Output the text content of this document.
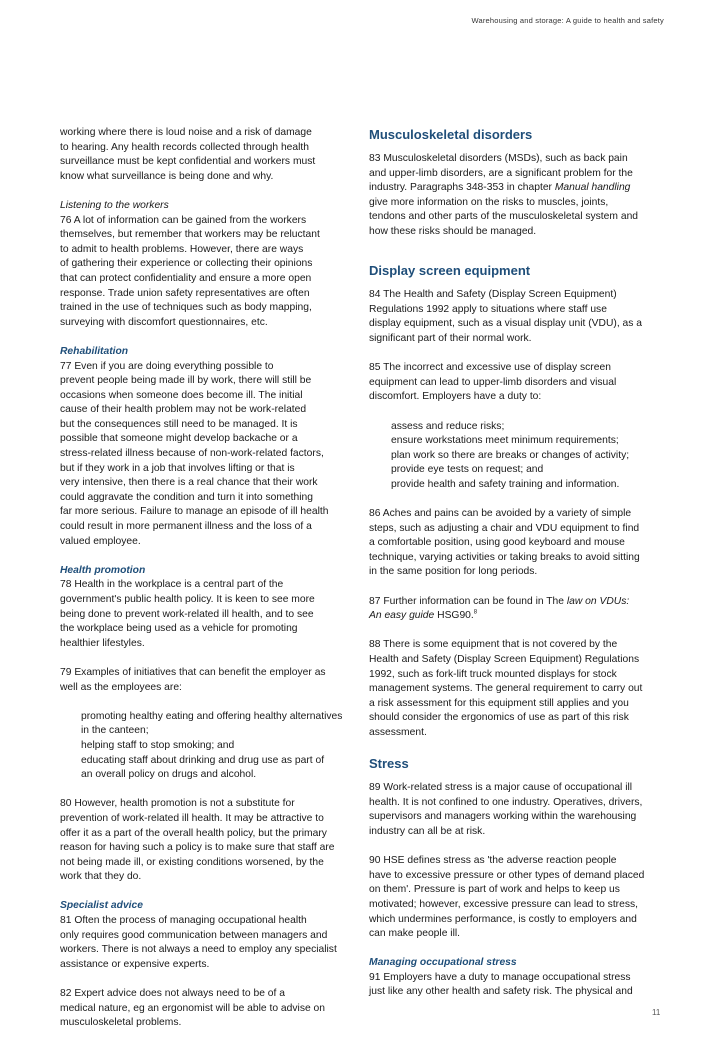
Warehousing and storage: A guide to health and safety

working where there is loud noise and a risk of damage

to hearing. Any health records collected through health

surveillance must be kept confidential and workers must

know what surveillance is being done and why.

Listening to the workers

76 A lot of information can be gained from the workers

themselves, but remember that workers may be reluctant

to admit to health problems. However, there are ways

of gathering their experience or collecting their opinions

that can protect confidentiality and ensure a more open

response. Trade union safety representatives are often

trained in the use of techniques such as body mapping,

surveying with discomfort questionnaires, etc.

Rehabilitation

77 Even if you are doing everything possible to

prevent people being made ill by work, there will still be

occasions when someone does become ill. The initial

cause of their health problem may not be work-related

but the consequences still need to be managed. It is

possible that someone might develop backache or a

stress-related illness because of non-work-related factors,

but if they work in a job that involves lifting or that is

very intensive, then there is a real chance that their work

could aggravate the condition and turn it into something

far more serious. Failure to manage an episode of ill health

could result in more permanent illness and the loss of a

valued employee.

Health promotion

78 Health in the workplace is a central part of the

government's public health policy. It is keen to see more

being done to prevent work-related ill health, and to see

the workplace being used as a vehicle for promoting

healthier lifestyles.

79 Examples of initiatives that can benefit the employer as

well as the employees are:

promoting healthy eating and offering healthy alternatives

in the canteen;

helping staff to stop smoking; and

educating staff about drinking and drug use as part of

an overall policy on drugs and alcohol.

80 However, health promotion is not a substitute for

prevention of work-related ill health. It may be attractive to

offer it as a part of the overall health policy, but the primary

reason for having such a policy is to make sure that staff are

not being made ill, or existing conditions worsened, by the

work that they do.

Specialist advice

81 Often the process of managing occupational health

only requires good communication between managers and

workers. There is not always a need to employ any specialist

assistance or expensive experts.

82 Expert advice does not always need to be of a

medical nature, eg an ergonomist will be able to advise on

musculoskeletal problems.

Musculoskeletal disorders

83 Musculoskeletal disorders (MSDs), such as back pain

and upper-limb disorders, are a significant problem for the

industry. Paragraphs 348-353 in chapter Manual handling

give more information on the risks to muscles, joints,

tendons and other parts of the musculoskeletal system and

how these risks should be managed.

Display screen equipment

84 The Health and Safety (Display Screen Equipment)

Regulations 1992 apply to situations where staff use

display equipment, such as a visual display unit (VDU), as a

significant part of their normal work.

85 The incorrect and excessive use of display screen

equipment can lead to upper-limb disorders and visual

discomfort. Employers have a duty to:

assess and reduce risks;

ensure workstations meet minimum requirements;

plan work so there are breaks or changes of activity;

provide eye tests on request; and

provide health and safety training and information.

86 Aches and pains can be avoided by a variety of simple

steps, such as adjusting a chair and VDU equipment to find

a comfortable position, using good keyboard and mouse

technique, varying activities or taking breaks to avoid sitting

in the same position for long periods.

87 Further information can be found in The law on VDUs:

An easy guide HSG90.$^8$

88 There is some equipment that is not covered by the

Health and Safety (Display Screen Equipment) Regulations

1992, such as fork-lift truck mounted displays for stock

management systems. The general requirement to carry out

a risk assessment for this equipment still applies and you

should consider the ergonomics of use as part of this risk

assessment.

Stress

89 Work-related stress is a major cause of occupational ill

health. It is not confined to one industry. Operatives, drivers,

supervisors and managers working within the warehousing

industry can all be at risk.

90 HSE defines stress as 'the adverse reaction people

have to excessive pressure or other types of demand placed

on them'. Pressure is part of work and helps to keep us

motivated; however, excessive pressure can lead to stress,

which undermines performance, is costly to employers and

can make people ill.

Managing occupational stress

91 Employers have a duty to manage occupational stress

just like any other health and safety risk. The physical and

11
